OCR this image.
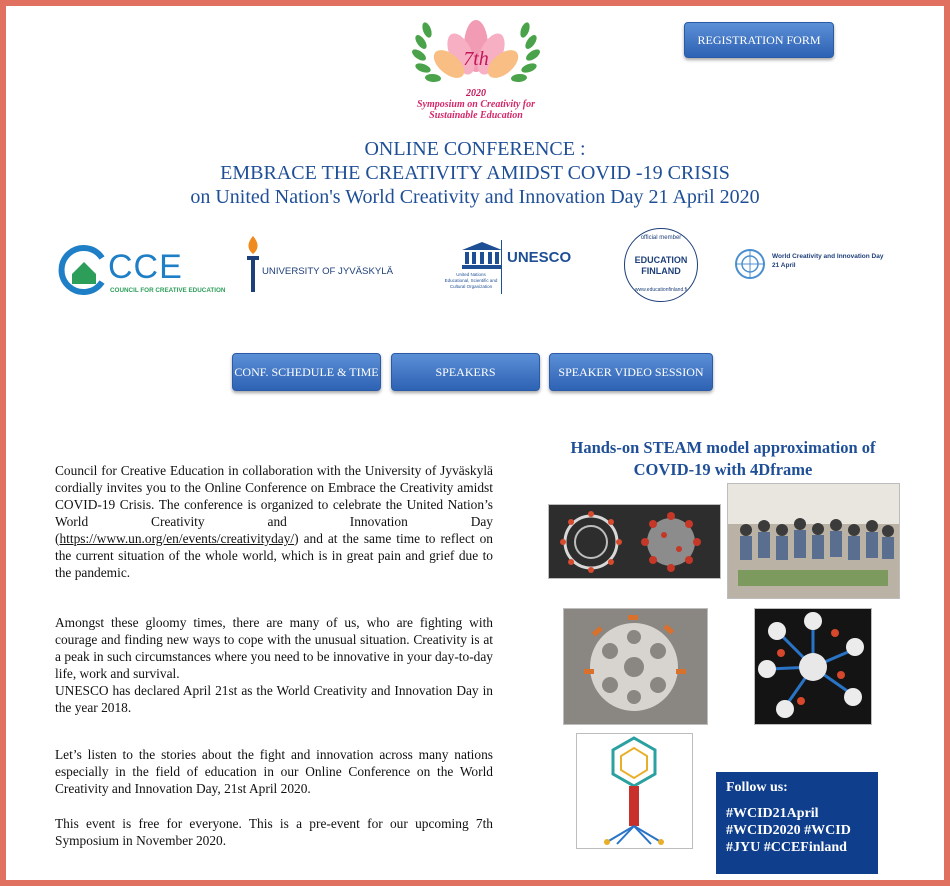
7th
2020
Symposium on Creativity for
Sustainable Education
REGISTRATION FORM
ONLINE CONFERENCE :
EMBRACE THE CREATIVITY AMIDST COVID -19 CRISIS
on United Nation's World Creativity and Innovation Day 21 April 2020
CCE
COUNCIL FOR CREATIVE EDUCATION
UNIVERSITY OF JYVÄSKYLÄ
UNESCO
United Nations
Educational, Scientific and
Cultural Organization
official member
EDUCATION
FINLAND
www.educationfinland.fi
World Creativity and Innovation Day
21 April
CONF. SCHEDULE & TIME	SPEAKERS	SPEAKER VIDEO SESSION
Council for Creative Education in collaboration with the University of Jyväskylä cordially invites you to the Online Conference on Embrace the Creativity amidst COVID-19 Crisis. The conference is organized to celebrate the United Nation’s World Creativity and Innovation Day (https://www.un.org/en/events/creativityday/) and at the same time to reflect on the current situation of the whole world, which is in great pain and grief due to the pandemic.
Amongst these gloomy times, there are many of us, who are fighting with courage and finding new ways to cope with the unusual situation. Creativity is at a peak in such circumstances where you need to be innovative in your day-to-day life, work and survival.
UNESCO has declared April 21st as the World Creativity and Innovation Day in the year 2018.
Let’s listen to the stories about the fight and innovation across many nations especially in the field of education in our Online Conference on the World Creativity and Innovation Day, 21st April 2020.
This event is free for everyone. This is a pre-event for our upcoming 7th Symposium in November 2020.
Hands-on STEAM model approximation of
COVID-19 with 4Dframe
Follow us:
#WCID21April
#WCID2020 #WCID
#JYU #CCEFinland
